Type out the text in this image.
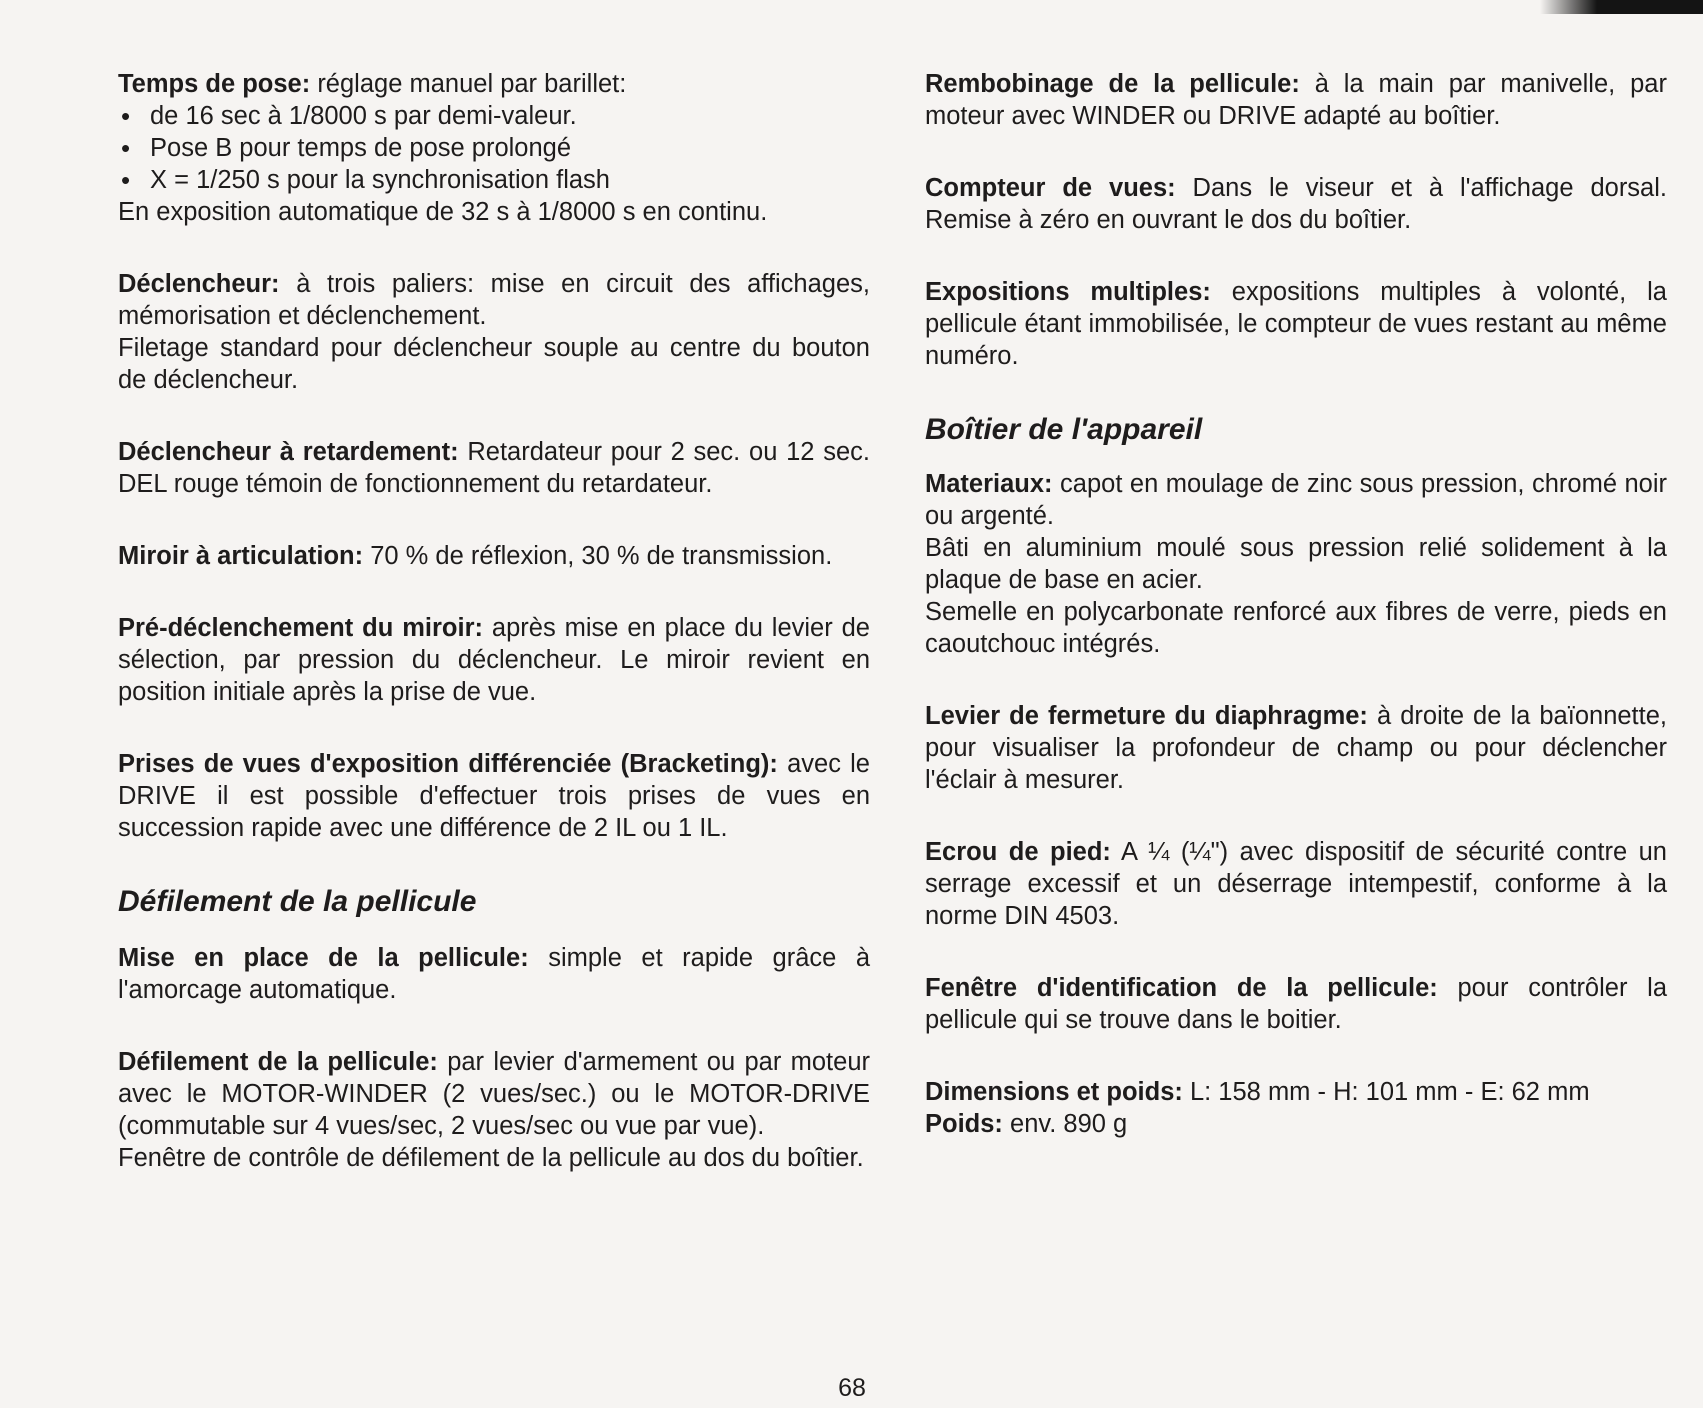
Temps de pose: réglage manuel par barillet:

• de 16 sec à 1/8000 s par demi-valeur.
• Pose B pour temps de pose prolongé
• X = 1/250 s pour la synchronisation flash

En exposition automatique de 32 s à 1/8000 s en continu.

Déclencheur: à trois paliers: mise en circuit des affichages, mémorisation et déclenchement.

Filetage standard pour déclencheur souple au centre du bouton de déclencheur.

Déclencheur à retardement: Retardateur pour 2 sec. ou 12 sec. DEL rouge témoin de fonctionnement du retardateur.

Miroir à articulation: 70 % de réflexion, 30 % de transmission.

Pré-déclenchement du miroir: après mise en place du levier de sélection, par pression du déclencheur. Le miroir revient en position initiale après la prise de vue.

Prises de vues d'exposition différenciée (Bracketing): avec le DRIVE il est possible d'effectuer trois prises de vues en succession rapide avec une différence de 2 IL ou 1 IL.

Défilement de la pellicule

Mise en place de la pellicule: simple et rapide grâce à l'amorcage automatique.

Défilement de la pellicule: par levier d'armement ou par moteur avec le MOTOR-WINDER (2 vues/sec.) ou le MOTOR-DRIVE (commutable sur 4 vues/sec, 2 vues/sec ou vue par vue).

Fenêtre de contrôle de défilement de la pellicule au dos du boîtier.

Rembobinage de la pellicule: à la main par manivelle, par moteur avec WINDER ou DRIVE adapté au boîtier.

Compteur de vues: Dans le viseur et à l'affichage dorsal. Remise à zéro en ouvrant le dos du boîtier.

Expositions multiples: expositions multiples à volonté, la pellicule étant immobilisée, le compteur de vues restant au même numéro.

Boîtier de l'appareil

Materiaux: capot en moulage de zinc sous pression, chromé noir ou argenté.

Bâti en aluminium moulé sous pression relié solidement à la plaque de base en acier.

Semelle en polycarbonate renforcé aux fibres de verre, pieds en caoutchouc intégrés.

Levier de fermeture du diaphragme: à droite de la baïonnette, pour visualiser la profondeur de champ ou pour déclencher l'éclair à mesurer.

Ecrou de pied: A ¼ (¼") avec dispositif de sécurité contre un serrage excessif et un déserrage intempestif, conforme à la norme DIN 4503.

Fenêtre d'identification de la pellicule: pour contrôler la pellicule qui se trouve dans le boitier.

Dimensions et poids: L: 158 mm - H: 101 mm - E: 62 mm

Poids: env. 890 g

68
